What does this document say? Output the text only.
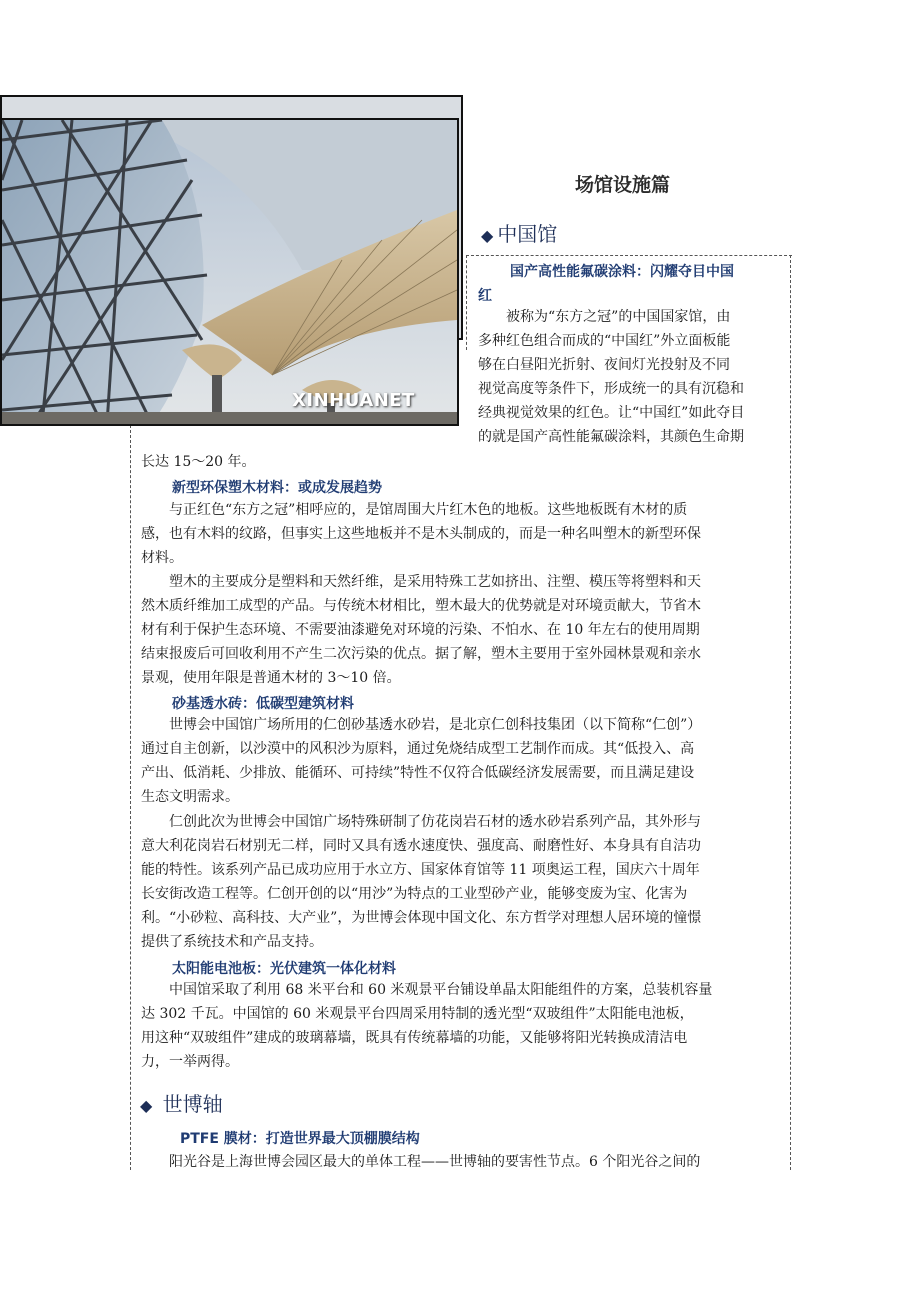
XINHUANET
场馆设施篇
◆ 中国馆
国产高性能氟碳涂料：闪耀夺目中国
红
被称为“东方之冠”的中国国家馆，由
多种红色组合而成的“中国红”外立面板能
够在白昼阳光折射、夜间灯光投射及不同
视觉高度等条件下，形成统一的具有沉稳和
经典视觉效果的红色。让“中国红”如此夺目
的就是国产高性能氟碳涂料，其颜色生命期
长达 15～20 年。
新型环保塑木材料：或成发展趋势
与正红色“东方之冠”相呼应的，是馆周围大片红木色的地板。这些地板既有木材的质
感，也有木料的纹路，但事实上这些地板并不是木头制成的，而是一种名叫塑木的新型环保
材料。
塑木的主要成分是塑料和天然纤维，是采用特殊工艺如挤出、注塑、模压等将塑料和天
然木质纤维加工成型的产品。与传统木材相比，塑木最大的优势就是对环境贡献大，节省木
材有利于保护生态环境、不需要油漆避免对环境的污染、不怕水、在 10 年左右的使用周期
结束报废后可回收利用不产生二次污染的优点。据了解，塑木主要用于室外园林景观和亲水
景观，使用年限是普通木材的 3～10 倍。
砂基透水砖：低碳型建筑材料
世博会中国馆广场所用的仁创砂基透水砂岩，是北京仁创科技集团（以下简称“仁创”）
通过自主创新，以沙漠中的风积沙为原料，通过免烧结成型工艺制作而成。其“低投入、高
产出、低消耗、少排放、能循环、可持续”特性不仅符合低碳经济发展需要，而且满足建设
生态文明需求。
仁创此次为世博会中国馆广场特殊研制了仿花岗岩石材的透水砂岩系列产品，其外形与
意大利花岗岩石材别无二样，同时又具有透水速度快、强度高、耐磨性好、本身具有自洁功
能的特性。该系列产品已成功应用于水立方、国家体育馆等 11 项奥运工程，国庆六十周年
长安街改造工程等。仁创开创的以“用沙”为特点的工业型砂产业，能够变废为宝、化害为
利。“小砂粒、高科技、大产业”，为世博会体现中国文化、东方哲学对理想人居环境的憧憬
提供了系统技术和产品支持。
太阳能电池板：光伏建筑一体化材料
中国馆采取了利用 68 米平台和 60 米观景平台铺设单晶太阳能组件的方案，总装机容量
达 302 千瓦。中国馆的 60 米观景平台四周采用特制的透光型“双玻组件”太阳能电池板，
用这种“双玻组件”建成的玻璃幕墙，既具有传统幕墙的功能，又能够将阳光转换成清洁电
力，一举两得。
◆ 世博轴
PTFE 膜材：打造世界最大顶棚膜结构
阳光谷是上海世博会园区最大的单体工程——世博轴的要害性节点。6 个阳光谷之间的
